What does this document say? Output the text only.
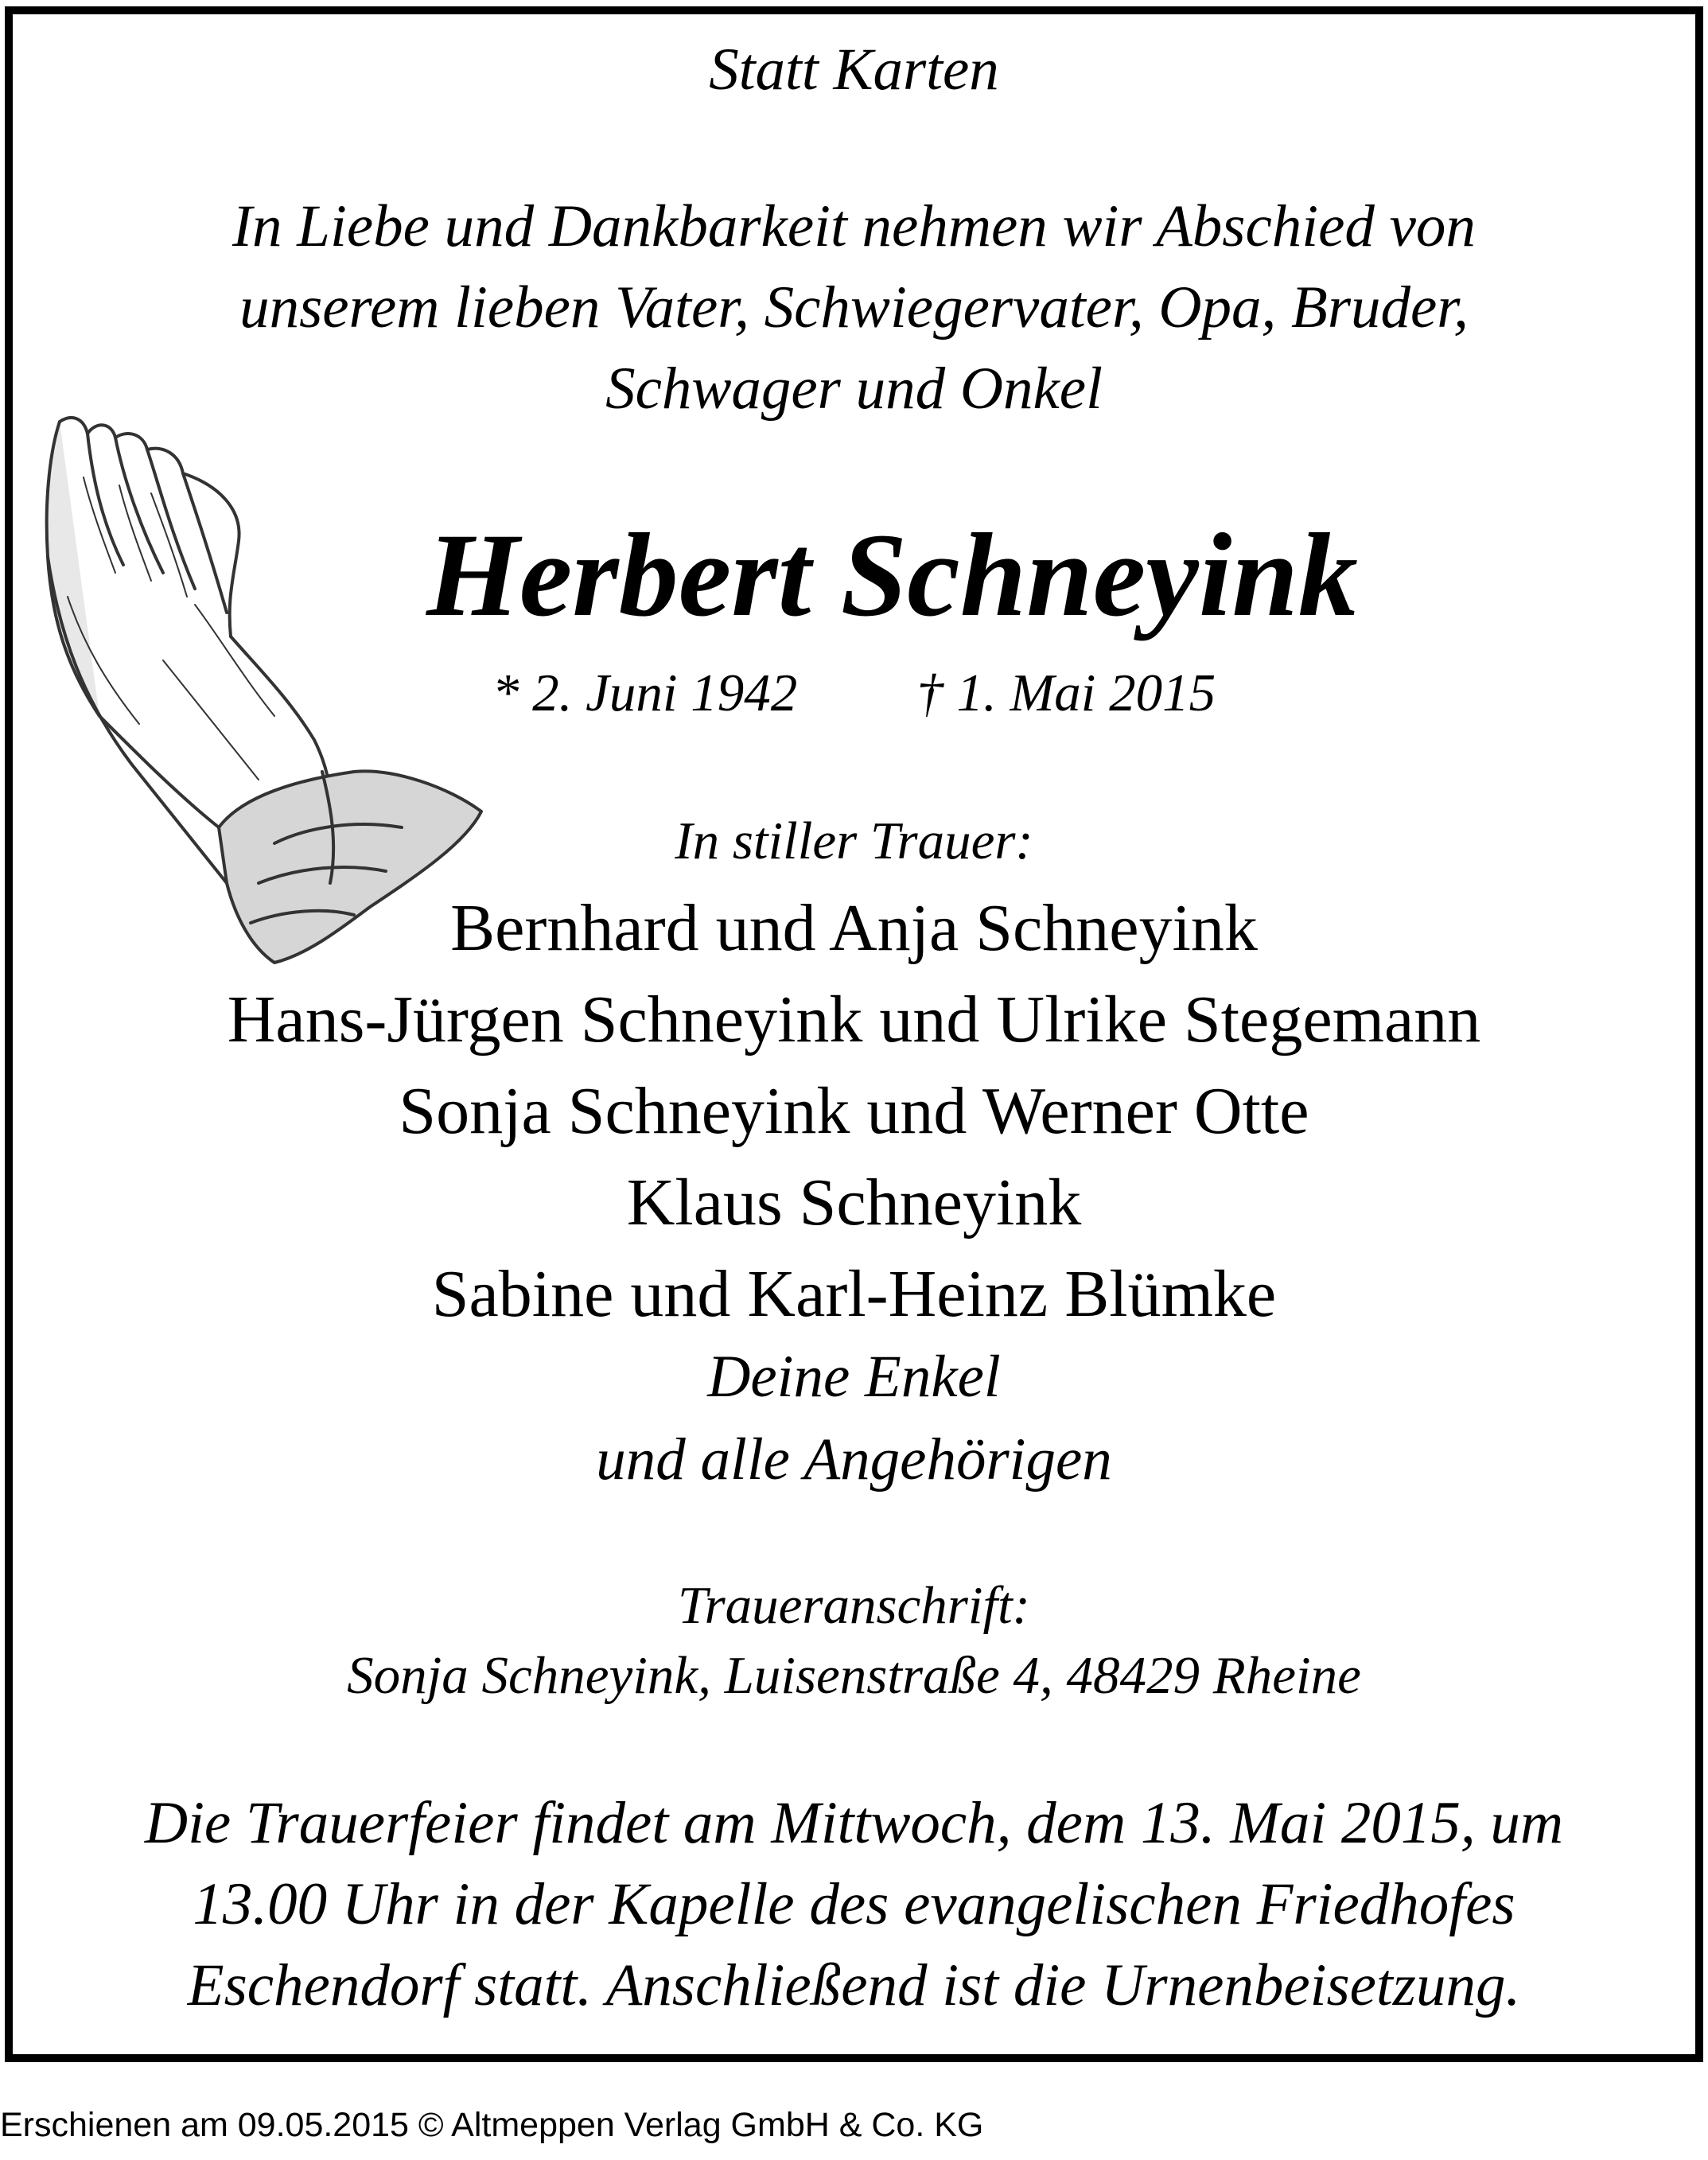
Statt Karten
In Liebe und Dankbarkeit nehmen wir Abschied von
unserem lieben Vater, Schwiegervater, Opa, Bruder,
Schwager und Onkel
Herbert Schneyink
* 2. Juni 1942 † 1. Mai 2015
In stiller Trauer:
Bernhard und Anja Schneyink
Hans-Jürgen Schneyink und Ulrike Stegemann
Sonja Schneyink und Werner Otte
Klaus Schneyink
Sabine und Karl-Heinz Blümke
Deine Enkel
und alle Angehörigen
Traueranschrift:
Sonja Schneyink, Luisenstraße 4, 48429 Rheine
Die Trauerfeier findet am Mittwoch, dem 13. Mai 2015, um
13.00 Uhr in der Kapelle des evangelischen Friedhofes
Eschendorf statt. Anschließend ist die Urnenbeisetzung.
Erschienen am 09.05.2015 © Altmeppen Verlag GmbH & Co. KG
